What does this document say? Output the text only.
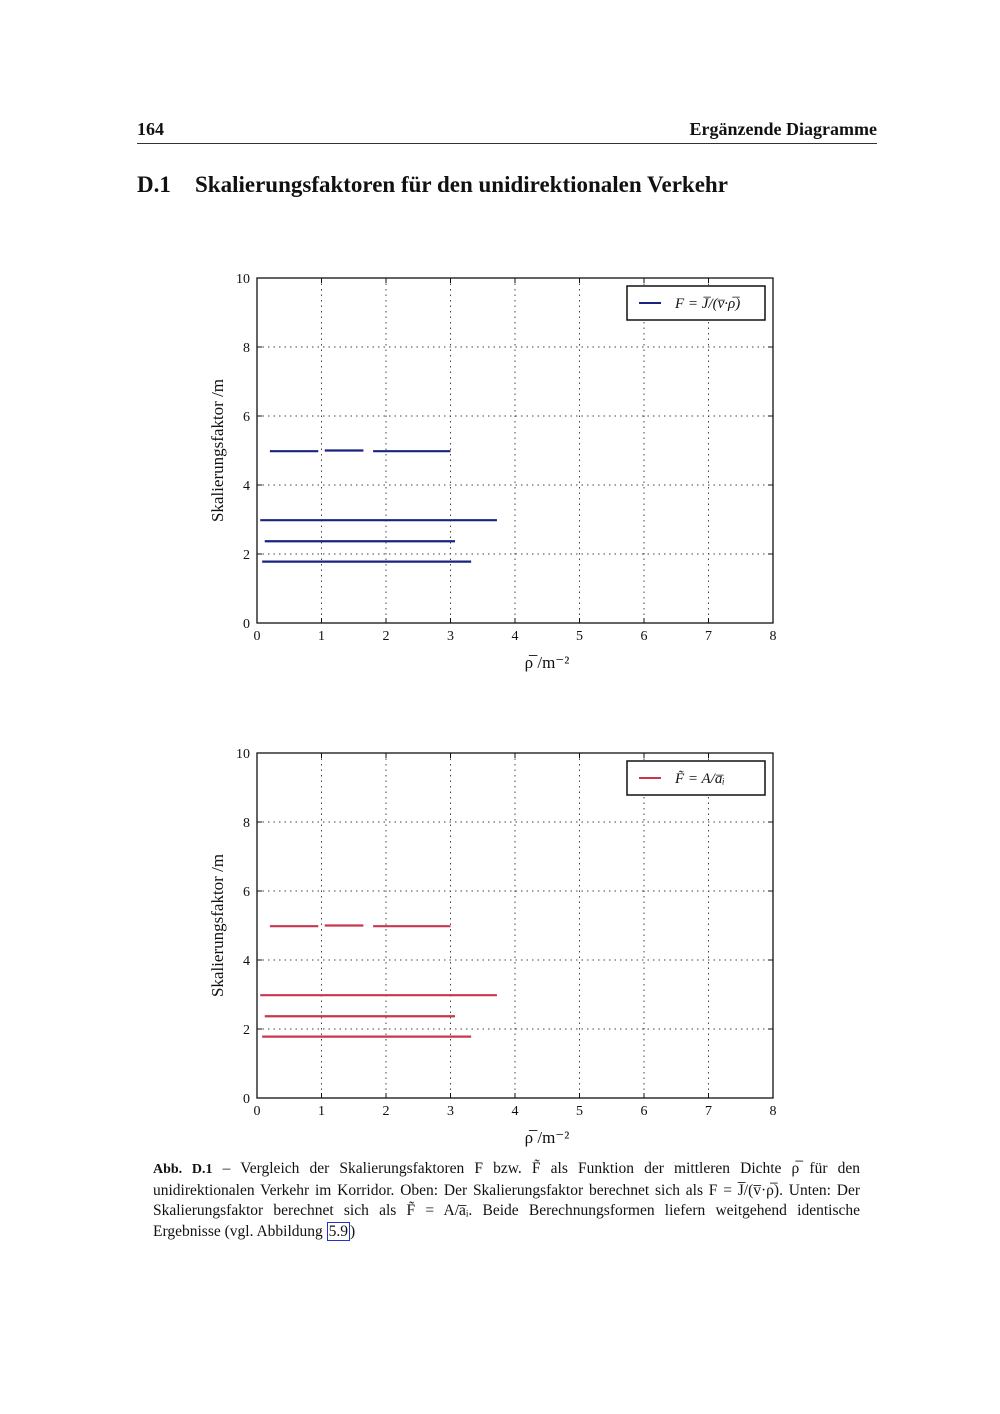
164	Ergänzende Diagramme
D.1 Skalierungsfaktoren für den unidirektionalen Verkehr
0	1	2	3	4	5	6	7	8
0
2
4
6
8
10
ρ̅ /m⁻²
Skalierungsfaktor /m
F = J̅/(v̅·ρ̅)
0	1	2	3	4	5	6	7	8
0
2
4
6
8
10
ρ̅ /m⁻²
Skalierungsfaktor /m
F̃ = A/a̅ᵢ
Abb. D.1 – Vergleich der Skalierungsfaktoren F bzw. F̃ als Funktion der mittleren Dichte ρ̅ für den unidirektionalen Verkehr im Korridor. Oben: Der Skalierungsfaktor berechnet sich als F = J̅/(v̅·ρ̅). Unten: Der Skalierungsfaktor berechnet sich als F̃ = A/a̅ᵢ. Beide Berechnungsformen liefern weitgehend identische Ergebnisse (vgl. Abbildung 5.9 )
